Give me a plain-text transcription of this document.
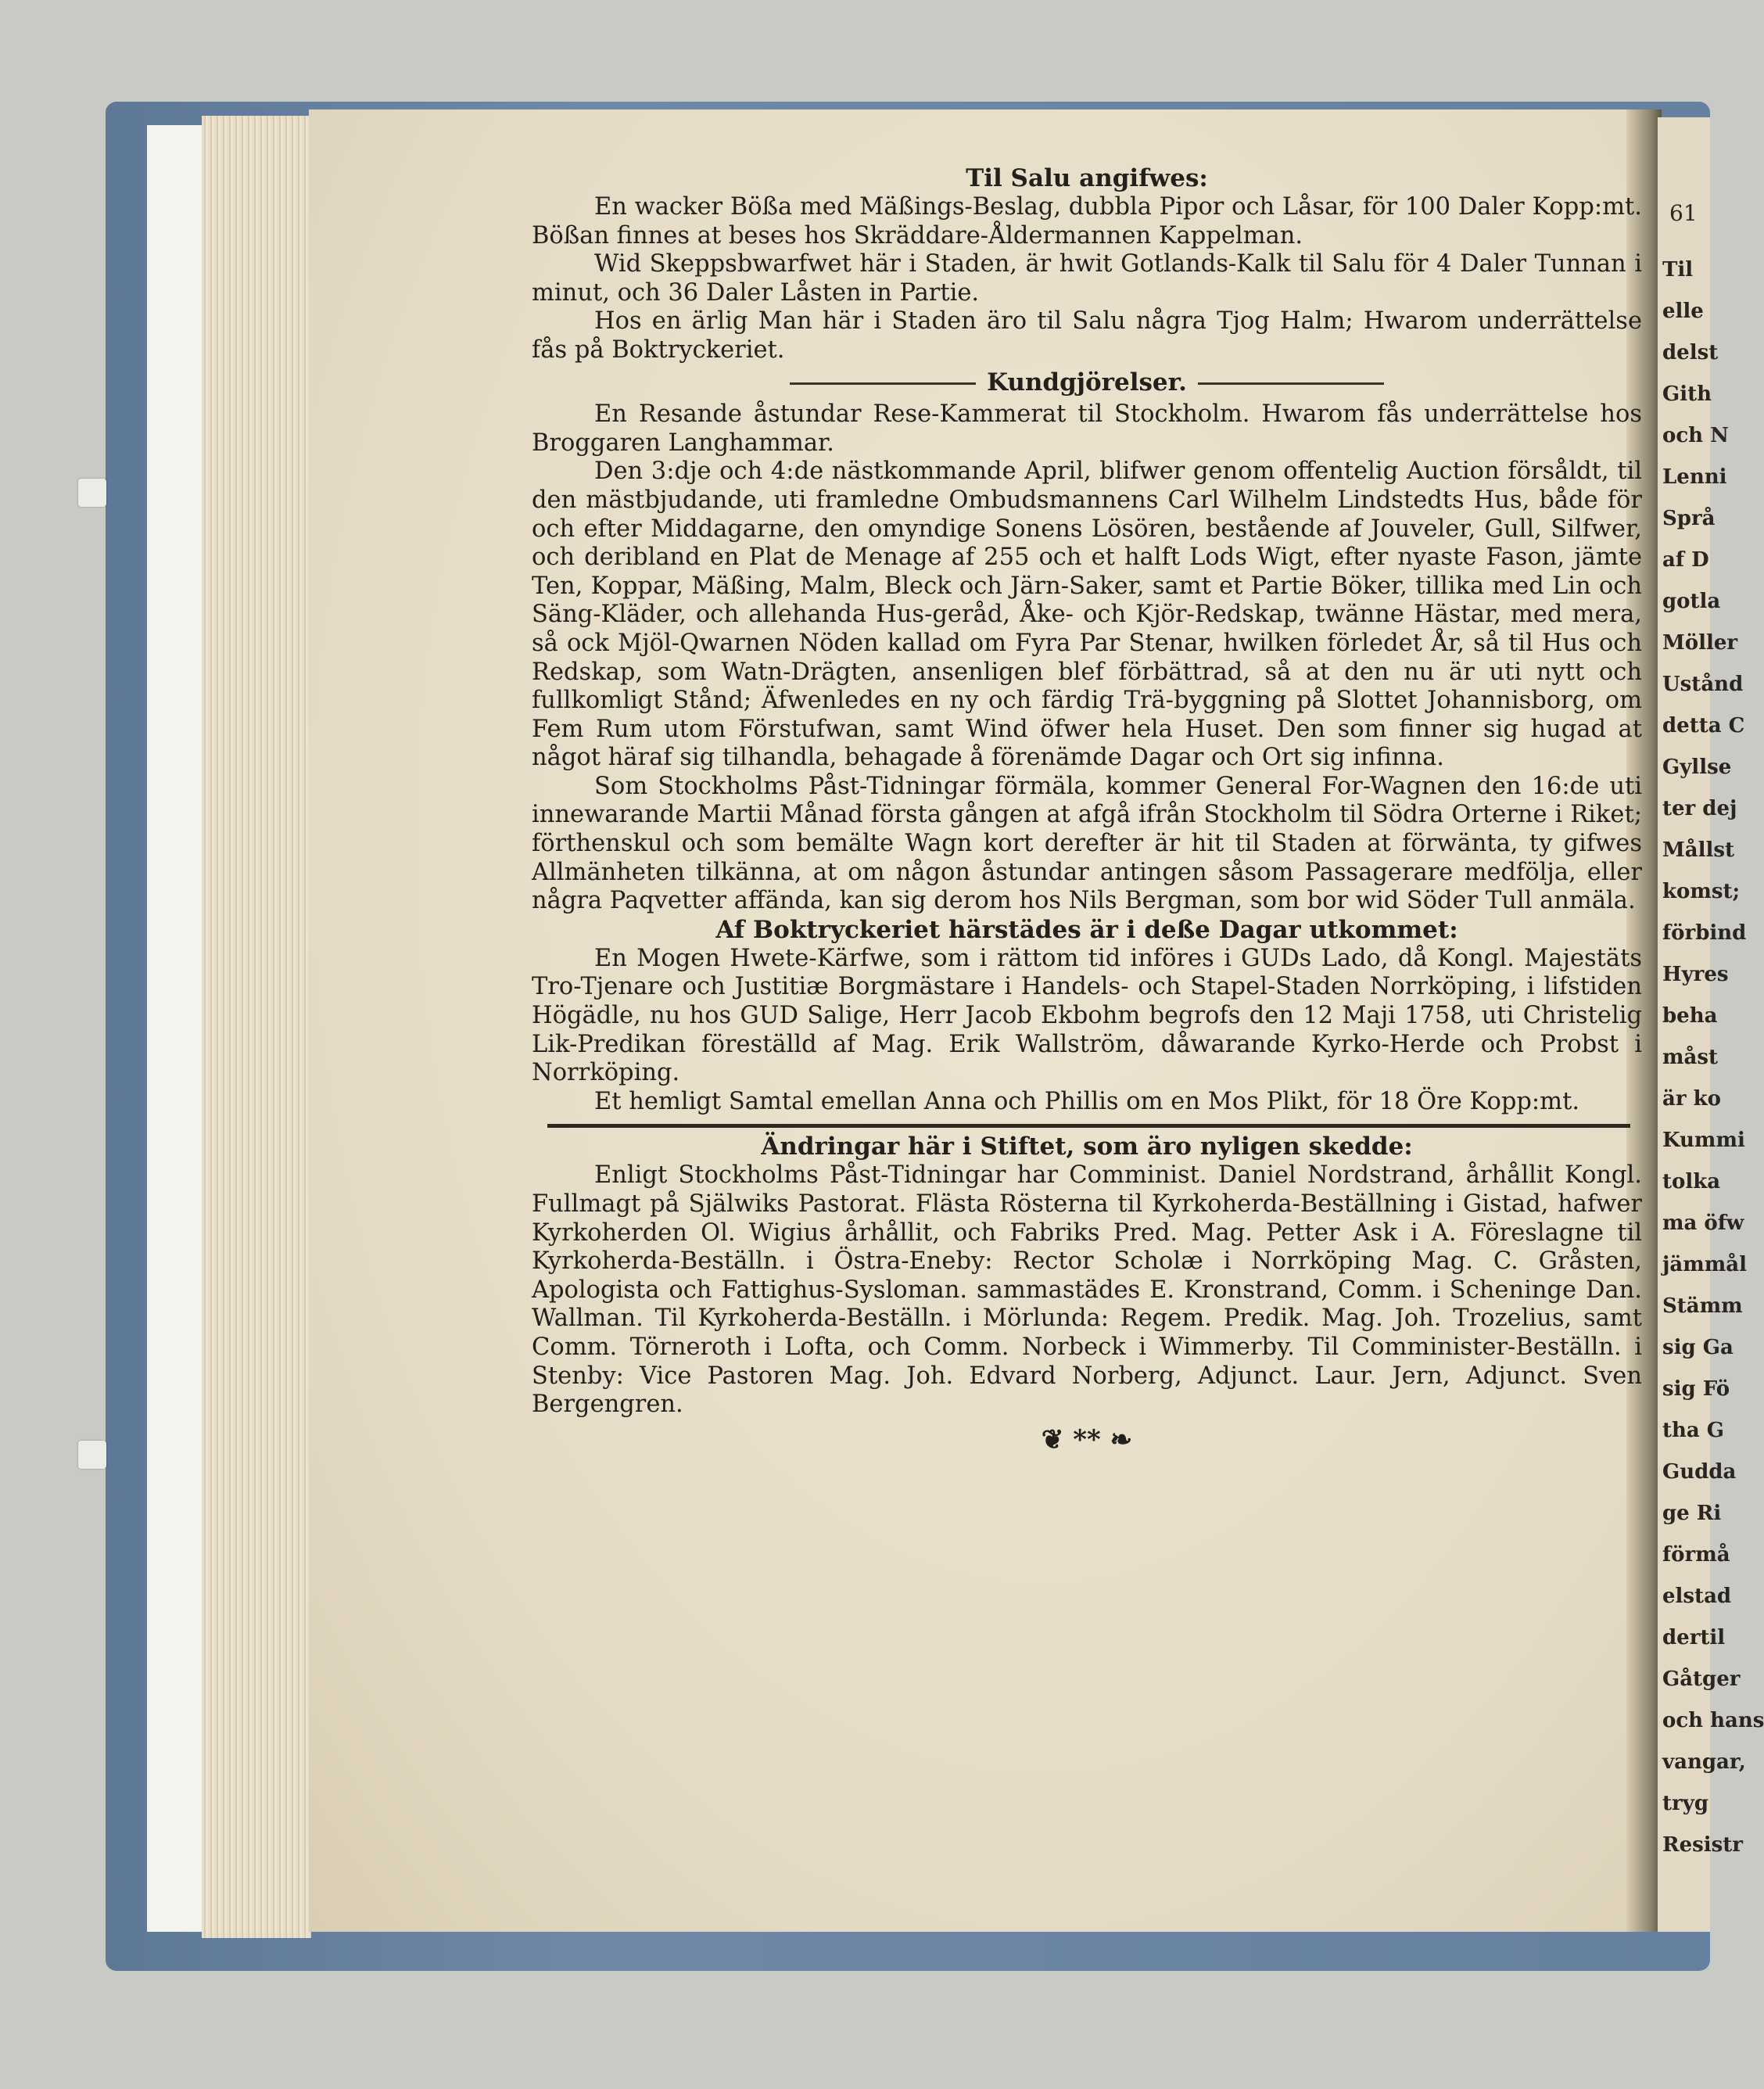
Til
elle
delst
Gith
och N
Lenni
Språ
af D
gotla
Möller
Ustånd
detta C
Gyllse
ter dej
Mållst
komst;
förbind
Hyres
beha
måst
är ko
Kummi
tolka
ma öfw
jämmål
Stämm
sig Ga
sig Fö
tha G
Gudda
ge Ri
förmå
elstad
dertil
Gåtger
och hans
vangar,
tryg
Resistr
61
Til Salu angifwes:
En wacker Bößa med Mäßings-Beslag, dubbla Pipor och Låsar, för 100 Daler Kopp:mt. Bößan finnes at beses hos Skräddare-Åldermannen Kappelman.
Wid Skeppsbwarfwet här i Staden, är hwit Gotlands-Kalk til Salu för 4 Daler Tunnan i minut, och 36 Daler Låsten in Partie.
Hos en ärlig Man här i Staden äro til Salu några Tjog Halm; Hwarom underrättelse fås på Boktryckeriet.
Kundgjörelser.
En Resande åstundar Rese-Kammerat til Stockholm. Hwarom fås underrättelse hos Broggaren Langhammar.
Den 3:dje och 4:de nästkommande April, blifwer genom offentelig Auction försåldt, til den mästbjudande, uti framledne Ombudsmannens Carl Wilhelm Lindstedts Hus, både för och efter Middagarne, den omyndige Sonens Lösören, bestående af Jouveler, Gull, Silfwer, och deribland en Plat de Menage af 255 och et halft Lods Wigt, efter nyaste Fason, jämte Ten, Koppar, Mäßing, Malm, Bleck och Järn-Saker, samt et Partie Böker, tillika med Lin och Säng-Kläder, och allehanda Hus-geråd, Åke- och Kjör-Redskap, twänne Hästar, med mera, så ock Mjöl-Qwarnen Nöden kallad om Fyra Par Stenar, hwilken förledet År, så til Hus och Redskap, som Watn-Drägten, ansenligen blef förbättrad, så at den nu är uti nytt och fullkomligt Stånd; Äfwenledes en ny och färdig Trä-byggning på Slottet Johannisborg, om Fem Rum utom Förstufwan, samt Wind öfwer hela Huset. Den som finner sig hugad at något häraf sig tilhandla, behagade å förenämde Dagar och Ort sig infinna.
Som Stockholms Påst-Tidningar förmäla, kommer General For-Wagnen den 16:de uti innewarande Martii Månad första gången at afgå ifrån Stockholm til Södra Orterne i Riket; förthenskul och som bemälte Wagn kort derefter är hit til Staden at förwänta, ty gifwes Allmänheten tilkänna, at om någon åstundar antingen såsom Passagerare medfölja, eller några Paqvetter affända, kan sig derom hos Nils Bergman, som bor wid Söder Tull anmäla.
Af Boktryckeriet härstädes är i deße Dagar utkommet:
En Mogen Hwete-Kärfwe, som i rättom tid införes i GUDs Lado, då Kongl. Majestäts Tro-Tjenare och Justitiæ Borgmästare i Handels- och Stapel-Staden Norrköping, i lifstiden Högädle, nu hos GUD Salige, Herr Jacob Ekbohm begrofs den 12 Maji 1758, uti Christelig Lik-Predikan föreställd af Mag. Erik Wallström, dåwarande Kyrko-Herde och Probst i Norrköping.
Et hemligt Samtal emellan Anna och Phillis om en Mos Plikt, för 18 Öre Kopp:mt.
Ändringar här i Stiftet, som äro nyligen skedde:
Enligt Stockholms Påst-Tidningar har Comminist. Daniel Nordstrand, århållit Kongl. Fullmagt på Själwiks Pastorat. Flästa Rösterna til Kyrkoherda-Beställning i Gistad, hafwer Kyrkoherden Ol. Wigius århållit, och Fabriks Pred. Mag. Petter Ask i A. Föreslagne til Kyrkoherda-Beställn. i Östra-Eneby: Rector Scholæ i Norrköping Mag. C. Gråsten, Apologista och Fattighus-Sysloman. sammastädes E. Kronstrand, Comm. i Scheninge Dan. Wallman. Til Kyrkoherda-Beställn. i Mörlunda: Regem. Predik. Mag. Joh. Trozelius, samt Comm. Törneroth i Lofta, och Comm. Norbeck i Wimmerby. Til Comminister-Beställn. i Stenby: Vice Pastoren Mag. Joh. Edvard Norberg, Adjunct. Laur. Jern, Adjunct. Sven Bergengren.
❦ ** ❧
